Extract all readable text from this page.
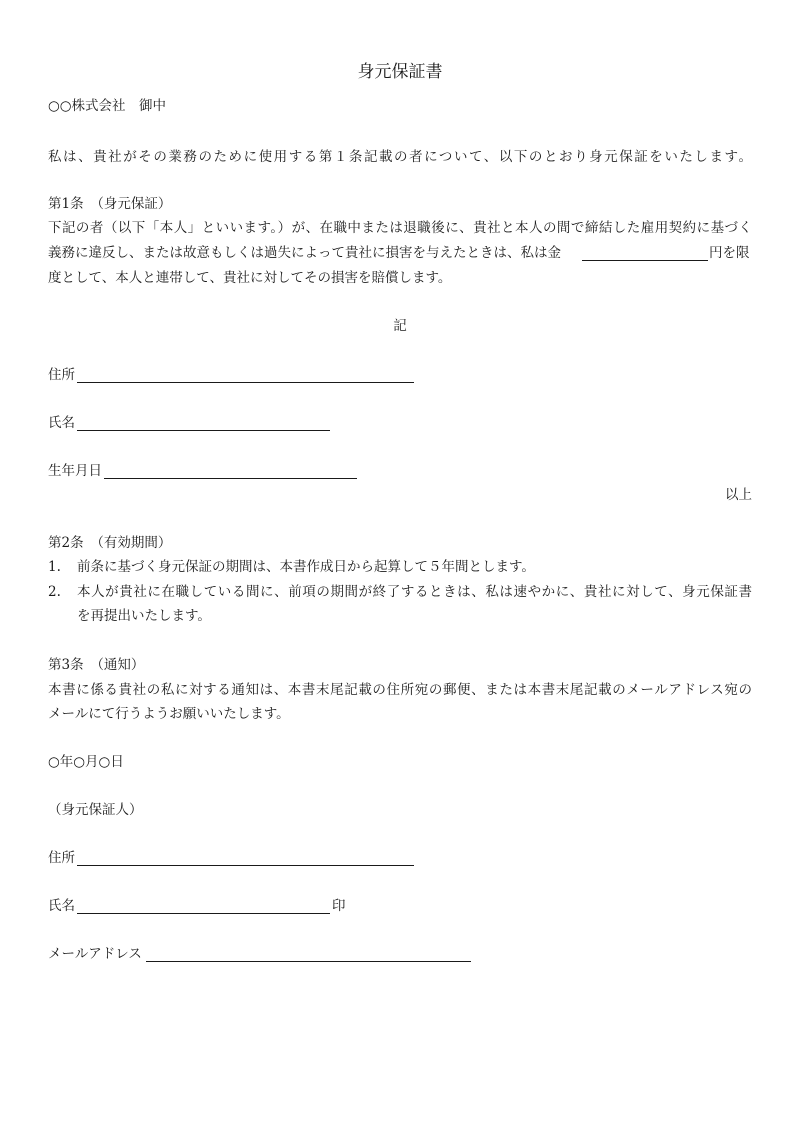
身元保証書

○○株式会社　御中

私は、貴社がその業務のために使用する第１条記載の者について、以下のとおり身元保証をいたします。

第1条　（身元保証）

下記の者（以下「本人」といいます。）が、在職中または退職後に、貴社と本人の間で締結した雇用契約に基づく

義務に違反し、または故意もしくは過失によって貴社に損害を与えたときは、私は金	円を限

度として、本人と連帯して、貴社に対してその損害を賠償します。

記

住所

氏名

生年月日

以上

第2条　（有効期間）

1. 前条に基づく身元保証の期間は、本書作成日から起算して５年間とします。

2. 本人が貴社に在職している間に、前項の期間が終了するときは、私は速やかに、貴社に対して、身元保証書

を再提出いたします。

第3条　（通知）

本書に係る貴社の私に対する通知は、本書末尾記載の住所宛の郵便、または本書末尾記載のメールアドレス宛の

メールにて行うようお願いいたします。

○年○月○日

（身元保証人）

住所

氏名	印

メールアドレス
